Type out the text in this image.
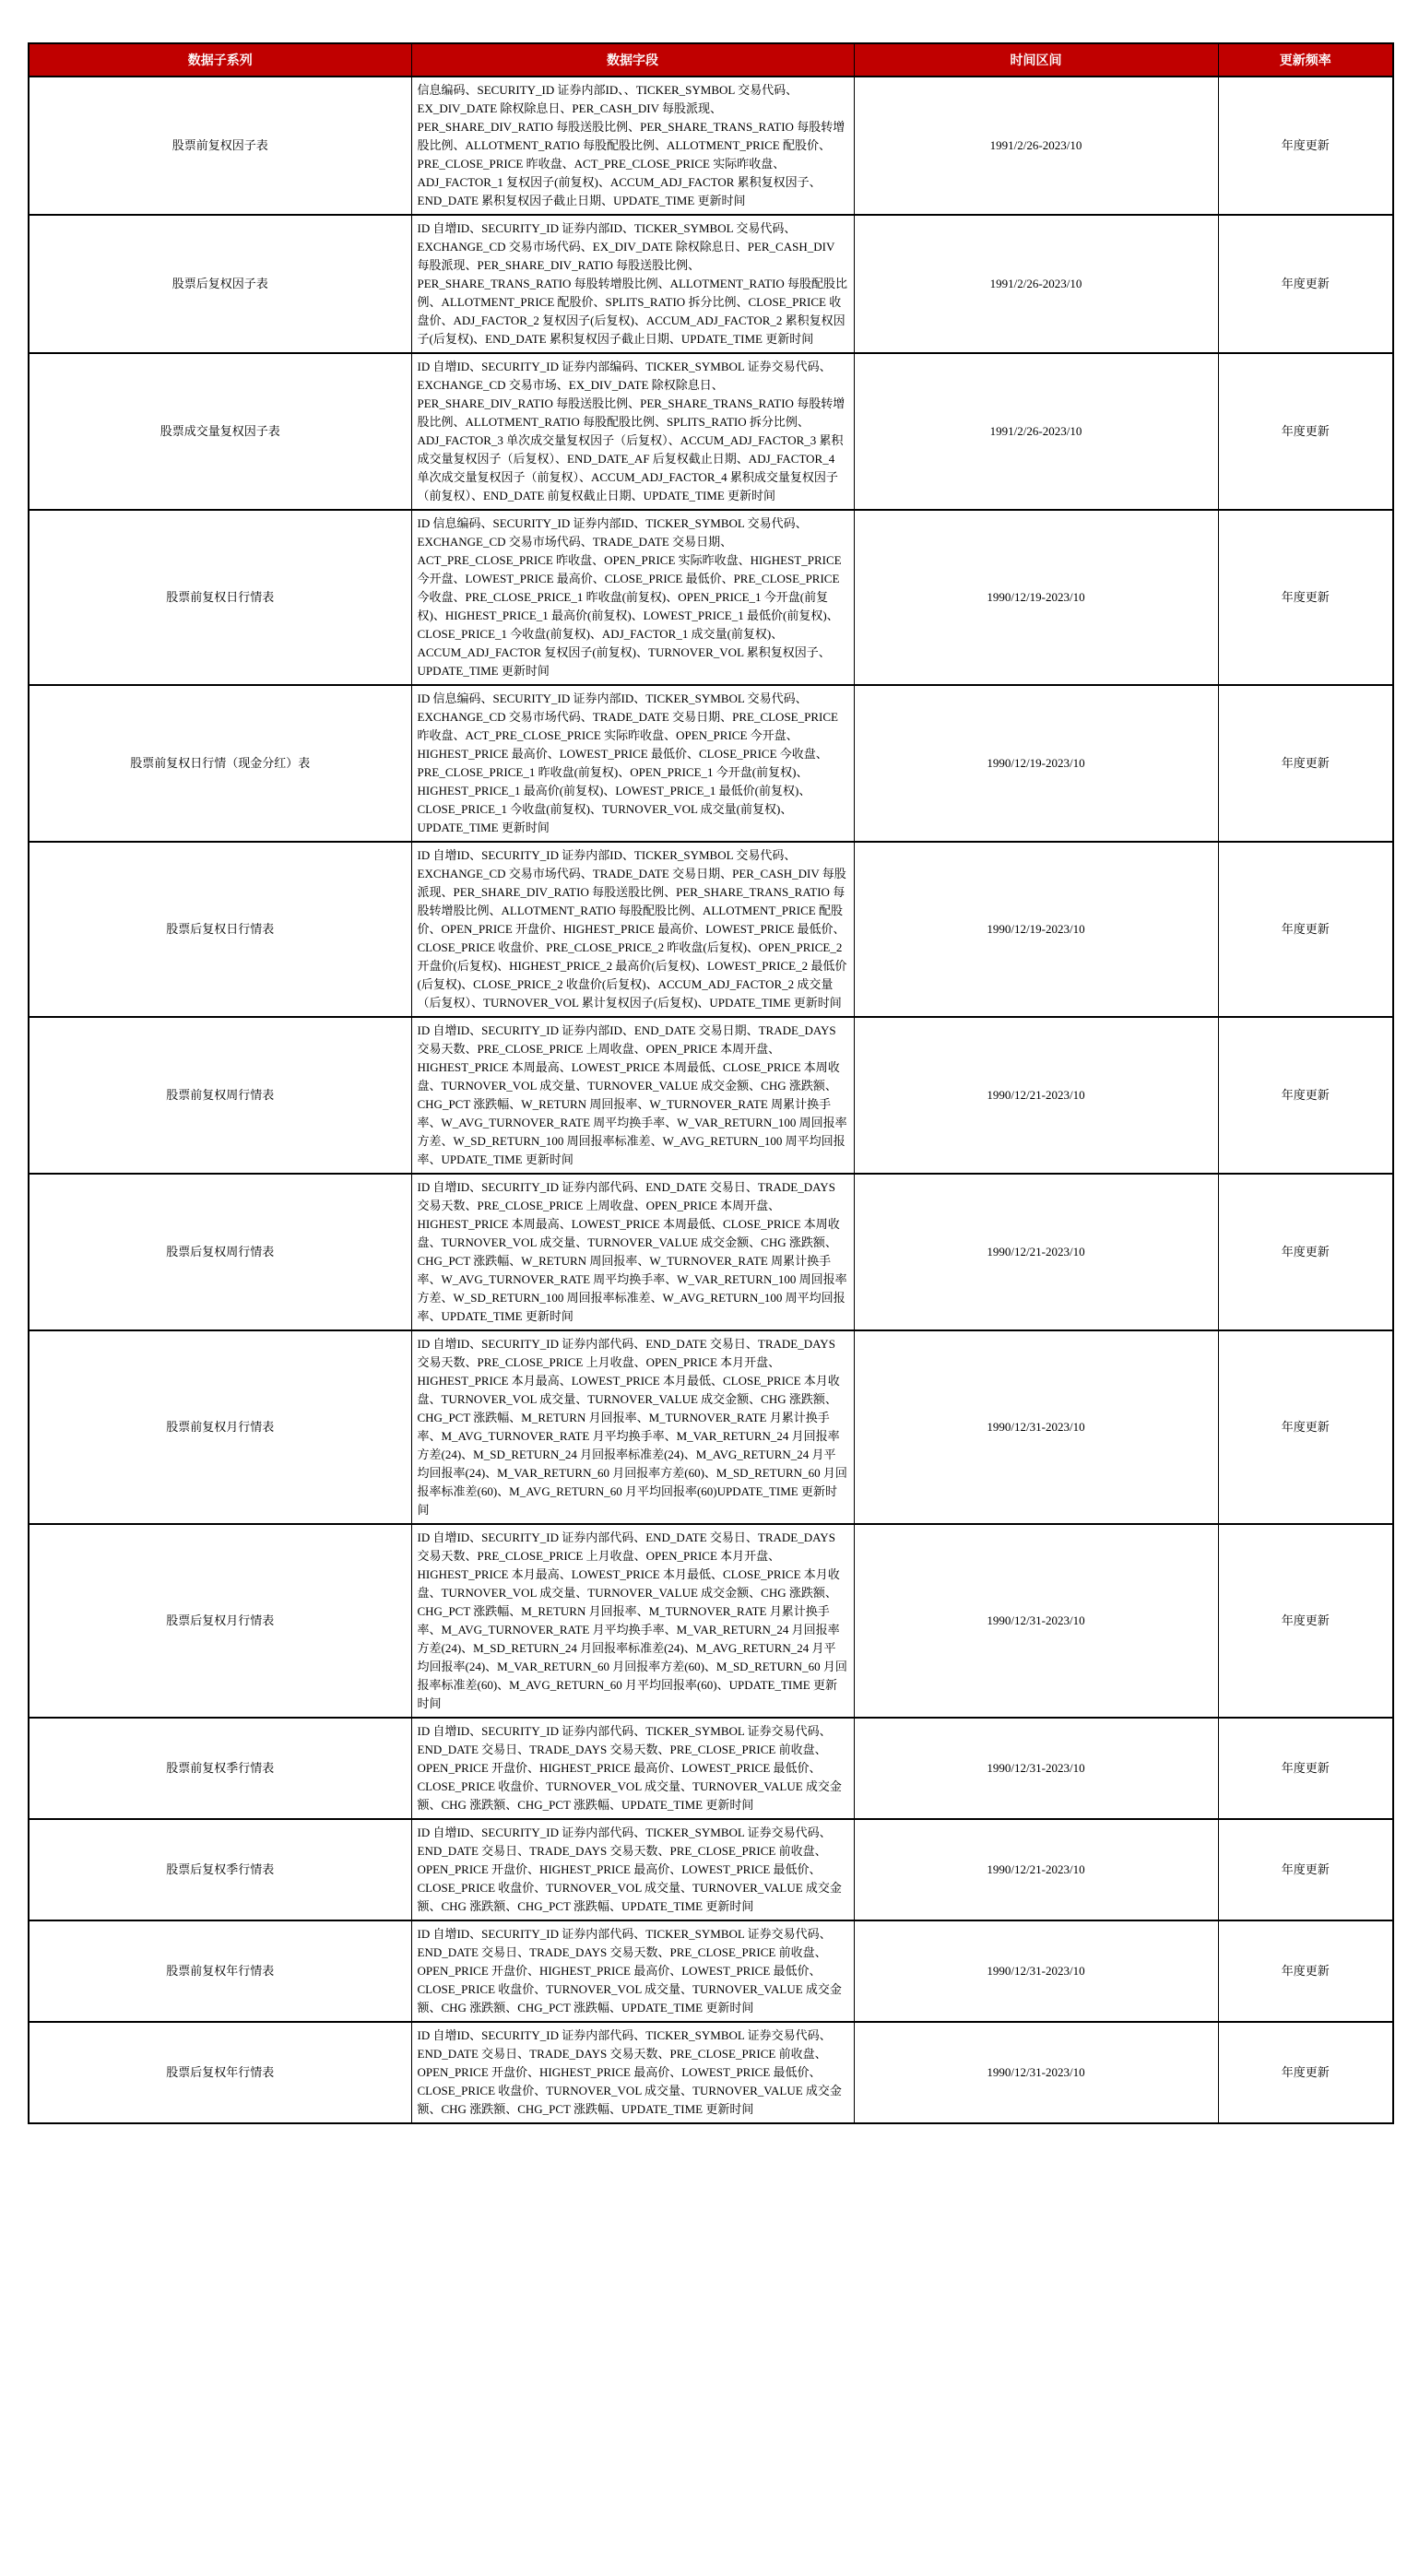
数据子系列	数据字段	时间区间	更新频率
股票前复权因子表	信息编码、SECURITY_ID 证券内部ID、、TICKER_SYMBOL 交易代码、EX_DIV_DATE 除权除息日、PER_CASH_DIV 每股派现、PER_SHARE_DIV_RATIO 每股送股比例、PER_SHARE_TRANS_RATIO 每股转增股比例、ALLOTMENT_RATIO 每股配股比例、ALLOTMENT_PRICE 配股价、PRE_CLOSE_PRICE 昨收盘、ACT_PRE_CLOSE_PRICE 实际昨收盘、ADJ_FACTOR_1 复权因子(前复权)、ACCUM_ADJ_FACTOR 累积复权因子、END_DATE 累积复权因子截止日期、UPDATE_TIME 更新时间	1991/2/26-2023/10	年度更新
股票后复权因子表	ID 自增ID、SECURITY_ID 证券内部ID、TICKER_SYMBOL 交易代码、EXCHANGE_CD 交易市场代码、EX_DIV_DATE 除权除息日、PER_CASH_DIV 每股派现、PER_SHARE_DIV_RATIO 每股送股比例、PER_SHARE_TRANS_RATIO 每股转增股比例、ALLOTMENT_RATIO 每股配股比例、ALLOTMENT_PRICE 配股价、SPLITS_RATIO 拆分比例、CLOSE_PRICE 收盘价、ADJ_FACTOR_2 复权因子(后复权)、ACCUM_ADJ_FACTOR_2 累积复权因子(后复权)、END_DATE 累积复权因子截止日期、UPDATE_TIME 更新时间	1991/2/26-2023/10	年度更新
股票成交量复权因子表	ID 自增ID、SECURITY_ID 证券内部编码、TICKER_SYMBOL 证券交易代码、EXCHANGE_CD 交易市场、EX_DIV_DATE 除权除息日、PER_SHARE_DIV_RATIO 每股送股比例、PER_SHARE_TRANS_RATIO 每股转增股比例、ALLOTMENT_RATIO 每股配股比例、SPLITS_RATIO 拆分比例、ADJ_FACTOR_3 单次成交量复权因子（后复权）、ACCUM_ADJ_FACTOR_3 累积成交量复权因子（后复权）、END_DATE_AF 后复权截止日期、ADJ_FACTOR_4 单次成交量复权因子（前复权）、ACCUM_ADJ_FACTOR_4 累积成交量复权因子（前复权）、END_DATE 前复权截止日期、UPDATE_TIME 更新时间	1991/2/26-2023/10	年度更新
股票前复权日行情表	ID 信息编码、SECURITY_ID 证券内部ID、TICKER_SYMBOL 交易代码、EXCHANGE_CD 交易市场代码、TRADE_DATE 交易日期、ACT_PRE_CLOSE_PRICE 昨收盘、OPEN_PRICE 实际昨收盘、HIGHEST_PRICE 今开盘、LOWEST_PRICE 最高价、CLOSE_PRICE 最低价、PRE_CLOSE_PRICE 今收盘、PRE_CLOSE_PRICE_1 昨收盘(前复权)、OPEN_PRICE_1 今开盘(前复权)、HIGHEST_PRICE_1 最高价(前复权)、LOWEST_PRICE_1 最低价(前复权)、CLOSE_PRICE_1 今收盘(前复权)、ADJ_FACTOR_1 成交量(前复权)、ACCUM_ADJ_FACTOR 复权因子(前复权)、TURNOVER_VOL 累积复权因子、UPDATE_TIME 更新时间	1990/12/19-2023/10	年度更新
股票前复权日行情（现金分红）表	ID 信息编码、SECURITY_ID 证券内部ID、TICKER_SYMBOL 交易代码、EXCHANGE_CD 交易市场代码、TRADE_DATE 交易日期、PRE_CLOSE_PRICE 昨收盘、ACT_PRE_CLOSE_PRICE 实际昨收盘、OPEN_PRICE 今开盘、HIGHEST_PRICE 最高价、LOWEST_PRICE 最低价、CLOSE_PRICE 今收盘、PRE_CLOSE_PRICE_1 昨收盘(前复权)、OPEN_PRICE_1 今开盘(前复权)、HIGHEST_PRICE_1 最高价(前复权)、LOWEST_PRICE_1 最低价(前复权)、CLOSE_PRICE_1 今收盘(前复权)、TURNOVER_VOL 成交量(前复权)、UPDATE_TIME 更新时间	1990/12/19-2023/10	年度更新
股票后复权日行情表	ID 自增ID、SECURITY_ID 证券内部ID、TICKER_SYMBOL 交易代码、EXCHANGE_CD 交易市场代码、TRADE_DATE 交易日期、PER_CASH_DIV 每股派现、PER_SHARE_DIV_RATIO 每股送股比例、PER_SHARE_TRANS_RATIO 每股转增股比例、ALLOTMENT_RATIO 每股配股比例、ALLOTMENT_PRICE 配股价、OPEN_PRICE 开盘价、HIGHEST_PRICE 最高价、LOWEST_PRICE 最低价、CLOSE_PRICE 收盘价、PRE_CLOSE_PRICE_2 昨收盘(后复权)、OPEN_PRICE_2 开盘价(后复权)、HIGHEST_PRICE_2 最高价(后复权)、LOWEST_PRICE_2 最低价(后复权)、CLOSE_PRICE_2 收盘价(后复权)、ACCUM_ADJ_FACTOR_2 成交量（后复权）、TURNOVER_VOL 累计复权因子(后复权)、UPDATE_TIME 更新时间	1990/12/19-2023/10	年度更新
股票前复权周行情表	ID 自增ID、SECURITY_ID 证券内部ID、END_DATE 交易日期、TRADE_DAYS 交易天数、PRE_CLOSE_PRICE 上周收盘、OPEN_PRICE 本周开盘、HIGHEST_PRICE 本周最高、LOWEST_PRICE 本周最低、CLOSE_PRICE 本周收盘、TURNOVER_VOL 成交量、TURNOVER_VALUE 成交金额、CHG 涨跌额、CHG_PCT 涨跌幅、W_RETURN 周回报率、W_TURNOVER_RATE 周累计换手率、W_AVG_TURNOVER_RATE 周平均换手率、W_VAR_RETURN_100 周回报率方差、W_SD_RETURN_100 周回报率标准差、W_AVG_RETURN_100 周平均回报率、UPDATE_TIME 更新时间	1990/12/21-2023/10	年度更新
股票后复权周行情表	ID 自增ID、SECURITY_ID 证券内部代码、END_DATE 交易日、TRADE_DAYS 交易天数、PRE_CLOSE_PRICE 上周收盘、OPEN_PRICE 本周开盘、HIGHEST_PRICE 本周最高、LOWEST_PRICE 本周最低、CLOSE_PRICE 本周收盘、TURNOVER_VOL 成交量、TURNOVER_VALUE 成交金额、CHG 涨跌额、CHG_PCT 涨跌幅、W_RETURN 周回报率、W_TURNOVER_RATE 周累计换手率、W_AVG_TURNOVER_RATE 周平均换手率、W_VAR_RETURN_100 周回报率方差、W_SD_RETURN_100 周回报率标准差、W_AVG_RETURN_100 周平均回报率、UPDATE_TIME 更新时间	1990/12/21-2023/10	年度更新
股票前复权月行情表	ID 自增ID、SECURITY_ID 证券内部代码、END_DATE 交易日、TRADE_DAYS 交易天数、PRE_CLOSE_PRICE 上月收盘、OPEN_PRICE 本月开盘、HIGHEST_PRICE 本月最高、LOWEST_PRICE 本月最低、CLOSE_PRICE 本月收盘、TURNOVER_VOL 成交量、TURNOVER_VALUE 成交金额、CHG 涨跌额、CHG_PCT 涨跌幅、M_RETURN 月回报率、M_TURNOVER_RATE 月累计换手率、M_AVG_TURNOVER_RATE 月平均换手率、M_VAR_RETURN_24 月回报率方差(24)、M_SD_RETURN_24 月回报率标准差(24)、M_AVG_RETURN_24 月平均回报率(24)、M_VAR_RETURN_60 月回报率方差(60)、M_SD_RETURN_60 月回报率标准差(60)、M_AVG_RETURN_60 月平均回报率(60)UPDATE_TIME 更新时间	1990/12/31-2023/10	年度更新
股票后复权月行情表	ID 自增ID、SECURITY_ID 证券内部代码、END_DATE 交易日、TRADE_DAYS 交易天数、PRE_CLOSE_PRICE 上月收盘、OPEN_PRICE 本月开盘、HIGHEST_PRICE 本月最高、LOWEST_PRICE 本月最低、CLOSE_PRICE 本月收盘、TURNOVER_VOL 成交量、TURNOVER_VALUE 成交金额、CHG 涨跌额、CHG_PCT 涨跌幅、M_RETURN 月回报率、M_TURNOVER_RATE 月累计换手率、M_AVG_TURNOVER_RATE 月平均换手率、M_VAR_RETURN_24 月回报率方差(24)、M_SD_RETURN_24 月回报率标准差(24)、M_AVG_RETURN_24 月平均回报率(24)、M_VAR_RETURN_60 月回报率方差(60)、M_SD_RETURN_60 月回报率标准差(60)、M_AVG_RETURN_60 月平均回报率(60)、UPDATE_TIME 更新时间	1990/12/31-2023/10	年度更新
股票前复权季行情表	ID 自增ID、SECURITY_ID 证券内部代码、TICKER_SYMBOL 证券交易代码、END_DATE 交易日、TRADE_DAYS 交易天数、PRE_CLOSE_PRICE 前收盘、OPEN_PRICE 开盘价、HIGHEST_PRICE 最高价、LOWEST_PRICE 最低价、CLOSE_PRICE 收盘价、TURNOVER_VOL 成交量、TURNOVER_VALUE 成交金额、CHG 涨跌额、CHG_PCT 涨跌幅、UPDATE_TIME 更新时间	1990/12/31-2023/10	年度更新
股票后复权季行情表	ID 自增ID、SECURITY_ID 证券内部代码、TICKER_SYMBOL 证券交易代码、END_DATE 交易日、TRADE_DAYS 交易天数、PRE_CLOSE_PRICE 前收盘、OPEN_PRICE 开盘价、HIGHEST_PRICE 最高价、LOWEST_PRICE 最低价、CLOSE_PRICE 收盘价、TURNOVER_VOL 成交量、TURNOVER_VALUE 成交金额、CHG 涨跌额、CHG_PCT 涨跌幅、UPDATE_TIME 更新时间	1990/12/21-2023/10	年度更新
股票前复权年行情表	ID 自增ID、SECURITY_ID 证券内部代码、TICKER_SYMBOL 证券交易代码、END_DATE 交易日、TRADE_DAYS 交易天数、PRE_CLOSE_PRICE 前收盘、OPEN_PRICE 开盘价、HIGHEST_PRICE 最高价、LOWEST_PRICE 最低价、CLOSE_PRICE 收盘价、TURNOVER_VOL 成交量、TURNOVER_VALUE 成交金额、CHG 涨跌额、CHG_PCT 涨跌幅、UPDATE_TIME 更新时间	1990/12/31-2023/10	年度更新
股票后复权年行情表	ID 自增ID、SECURITY_ID 证券内部代码、TICKER_SYMBOL 证券交易代码、END_DATE 交易日、TRADE_DAYS 交易天数、PRE_CLOSE_PRICE 前收盘、OPEN_PRICE 开盘价、HIGHEST_PRICE 最高价、LOWEST_PRICE 最低价、CLOSE_PRICE 收盘价、TURNOVER_VOL 成交量、TURNOVER_VALUE 成交金额、CHG 涨跌额、CHG_PCT 涨跌幅、UPDATE_TIME 更新时间	1990/12/31-2023/10	年度更新
